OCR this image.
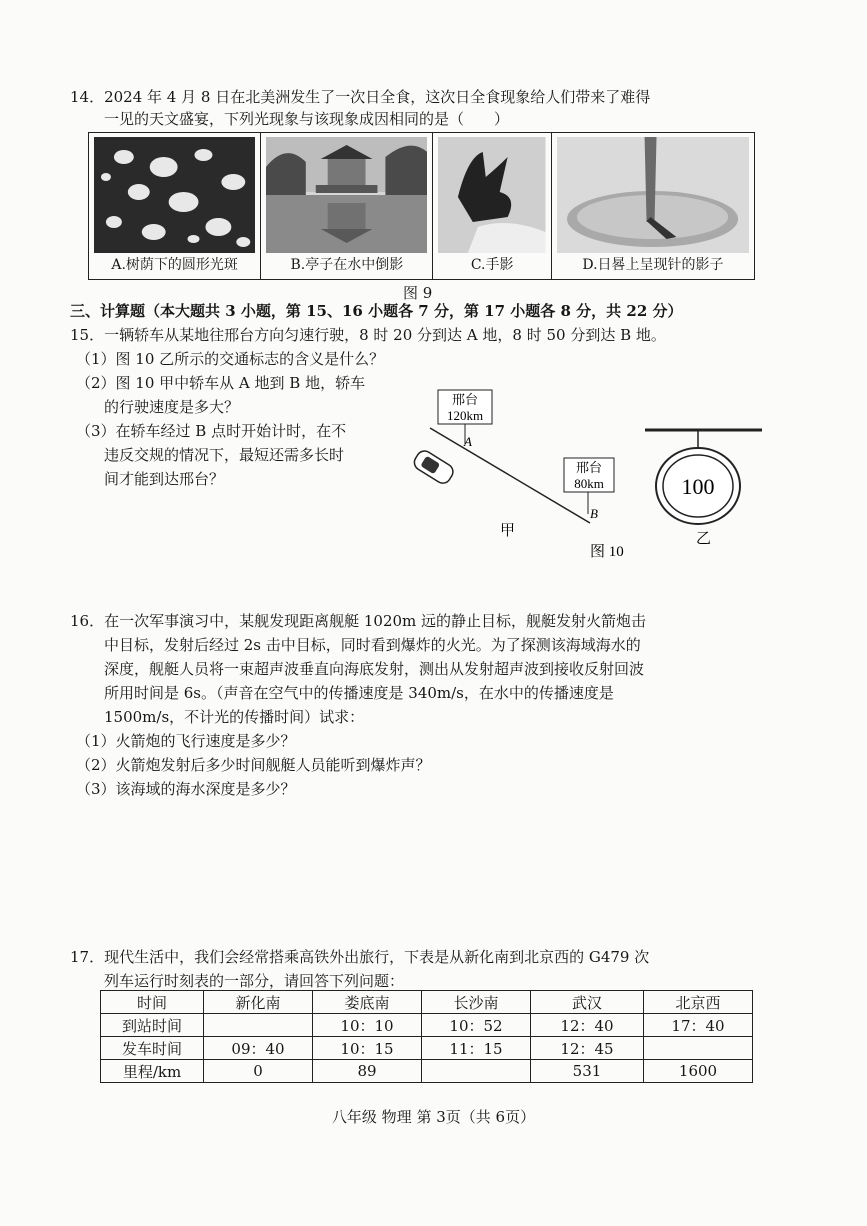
14．2024 年 4 月 8 日在北美洲发生了一次日全食，这次日全食现象给人们带来了难得
一见的天文盛宴，下列光现象与该现象成因相同的是（　　）
A.树荫下的圆形光斑	B.亭子在水中倒影	C.手影	D.日晷上呈现针的影子
图 9
三、计算题（本大题共 3 小题，第 15、16 小题各 7 分，第 17 小题各 8 分，共 22 分）
15．一辆轿车从某地往邢台方向匀速行驶，8 时 20 分到达 A 地，8 时 50 分到达 B 地。
（1）图 10 乙所示的交通标志的含义是什么？
（2）图 10 甲中轿车从 A 地到 B 地，轿车
的行驶速度是多大？
（3）在轿车经过 B 点时开始计时，在不
违反交规的情况下，最短还需多长时
间才能到达邢台？
邢台
120km
A
邢台
80km
B
甲
图 10
100
乙
16．在一次军事演习中，某舰发现距离舰艇 1020m 远的静止目标，舰艇发射火箭炮击
中目标，发射后经过 2s 击中目标，同时看到爆炸的火光。为了探测该海域海水的
深度，舰艇人员将一束超声波垂直向海底发射，测出从发射超声波到接收反射回波
所用时间是 6s。（声音在空气中的传播速度是 340m/s，在水中的传播速度是
1500m/s，不计光的传播时间）试求：
（1）火箭炮的飞行速度是多少？
（2）火箭炮发射后多少时间舰艇人员能听到爆炸声？
（3）该海域的海水深度是多少？
17．现代生活中，我们会经常搭乘高铁外出旅行，下表是从新化南到北京西的 G479 次
列车运行时刻表的一部分，请回答下列问题：
时间	新化南	娄底南	长沙南	武汉	北京西
到站时间		10：10	10：52	12：40	17：40
发车时间	09：40	10：15	11：15	12：45	
里程/km	0	89		531	1600
八年级 物理 第 3页（共 6页）
